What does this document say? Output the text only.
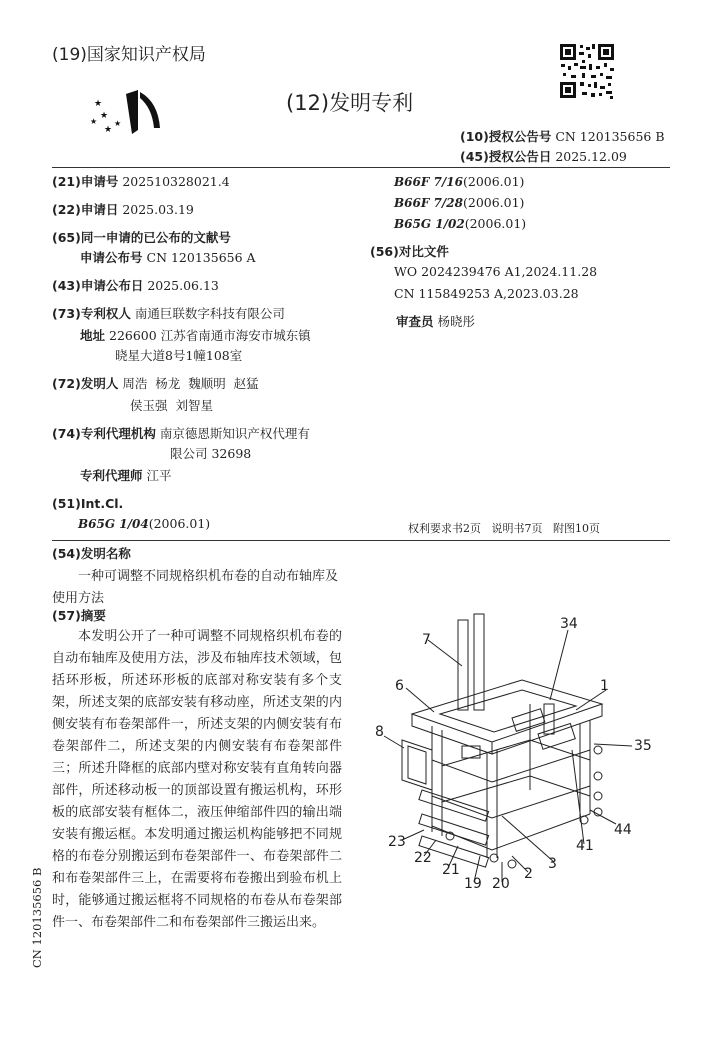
(19)国家知识产权局
★
★
★
★
★
(12)发明专利
(10)授权公告号 CN 120135656 B
(45)授权公告日 2025.12.09
(21)申请号 202510328021.4
(22)申请日 2025.03.19
(65)同一申请的已公布的文献号
申请公布号 CN 120135656 A
(43)申请公布日 2025.06.13
(73)专利权人 南通巨联数字科技有限公司
地址 226600 江苏省南通市海安市城东镇
晓星大道8号1幢108室
(72)发明人 周浩  杨龙  魏顺明  赵猛
侯玉强  刘智星
(74)专利代理机构 南京德恩斯知识产权代理有
限公司 32698
专利代理师 江平
(51)Int.Cl.
B65G 1/04(2006.01)
B66F 7/16(2006.01)
B66F 7/28(2006.01)
B65G 1/02(2006.01)
(56)对比文件
WO 2024239476 A1,2024.11.28
CN 115849253 A,2023.03.28
审查员 杨晓彤
权利要求书2页   说明书7页   附图10页
(54)发明名称
一种可调整不同规格织机布卷的自动布轴库及使用方法
(57)摘要
本发明公开了一种可调整不同规格织机布卷的自动布轴库及使用方法，涉及布轴库技术领域，包括环形板，所述环形板的底部对称安装有多个支架，所述支架的底部安装有移动座，所述支架的内侧安装有布卷架部件一，所述支架的内侧安装有布卷架部件二，所述支架的内侧安装有布卷架部件三；所述升降框的底部内壁对称安装有直角转向器部件，所述移动板一的顶部设置有搬运机构，环形板的底部安装有框体二，液压伸缩部件四的输出端安装有搬运框。本发明通过搬运机构能够把不同规格的布卷分别搬运到布卷架部件一、布卷架部件二和布卷架部件三上，在需要将布卷搬出到验布机上时，能够通过搬运框将不同规格的布卷从布卷架部件一、布卷架部件二和布卷架部件三搬运出来。
CN 120135656 B
7
34
6	1
8
35
44
41
23
22
21
19 20
2
3
